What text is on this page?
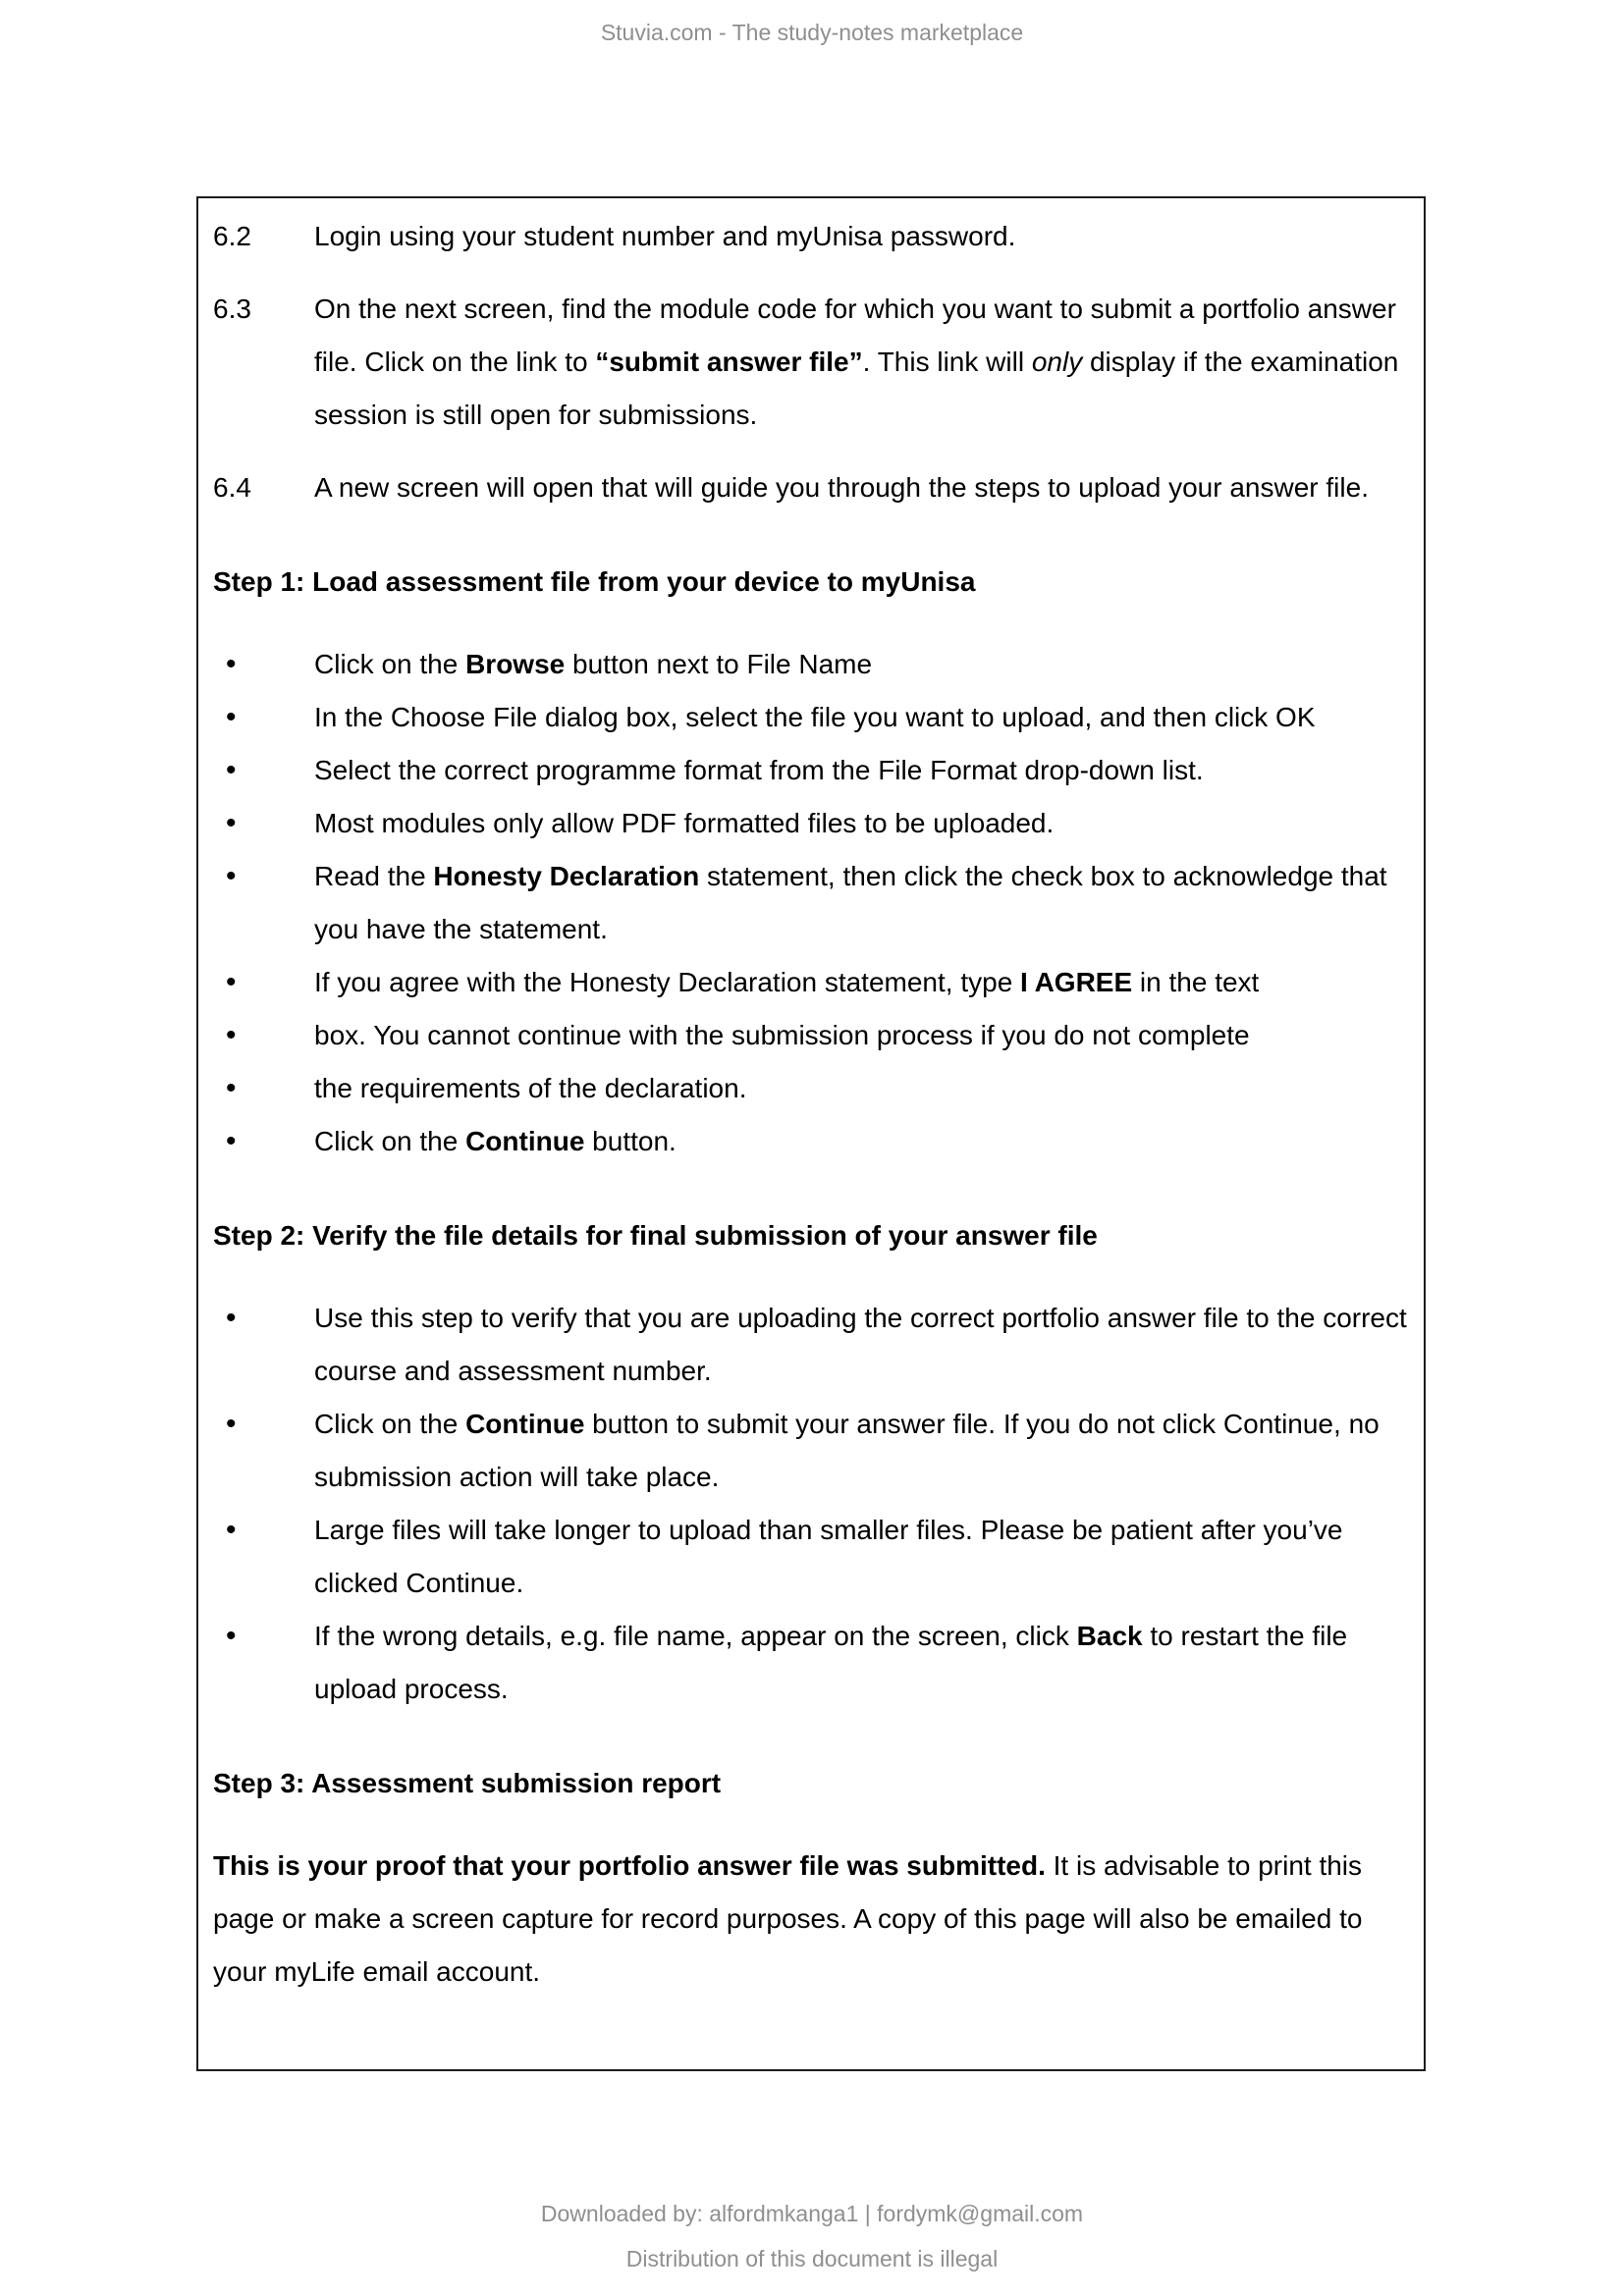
Stuvia.com - The study-notes marketplace
6.2 Login using your student number and myUnisa password.
6.3 On the next screen, find the module code for which you want to submit a portfolio answer file. Click on the link to “submit answer file”. This link will only display if the examination session is still open for submissions.
6.4 A new screen will open that will guide you through the steps to upload your answer file.
Step 1: Load assessment file from your device to myUnisa
• Click on the Browse button next to File Name
• In the Choose File dialog box, select the file you want to upload, and then click OK
• Select the correct programme format from the File Format drop-down list.
• Most modules only allow PDF formatted files to be uploaded.
• Read the Honesty Declaration statement, then click the check box to acknowledge that you have the statement.
• If you agree with the Honesty Declaration statement, type I AGREE in the text
• box. You cannot continue with the submission process if you do not complete
• the requirements of the declaration.
• Click on the Continue button.
Step 2: Verify the file details for final submission of your answer file
• Use this step to verify that you are uploading the correct portfolio answer file to the correct course and assessment number.
• Click on the Continue button to submit your answer file. If you do not click Continue, no submission action will take place.
• Large files will take longer to upload than smaller files. Please be patient after you’ve clicked Continue.
• If the wrong details, e.g. file name, appear on the screen, click Back to restart the file upload process.
Step 3: Assessment submission report
This is your proof that your portfolio answer file was submitted. It is advisable to print this page or make a screen capture for record purposes. A copy of this page will also be emailed to your myLife email account.
Downloaded by: alfordmkanga1 | fordymk@gmail.com
Distribution of this document is illegal
